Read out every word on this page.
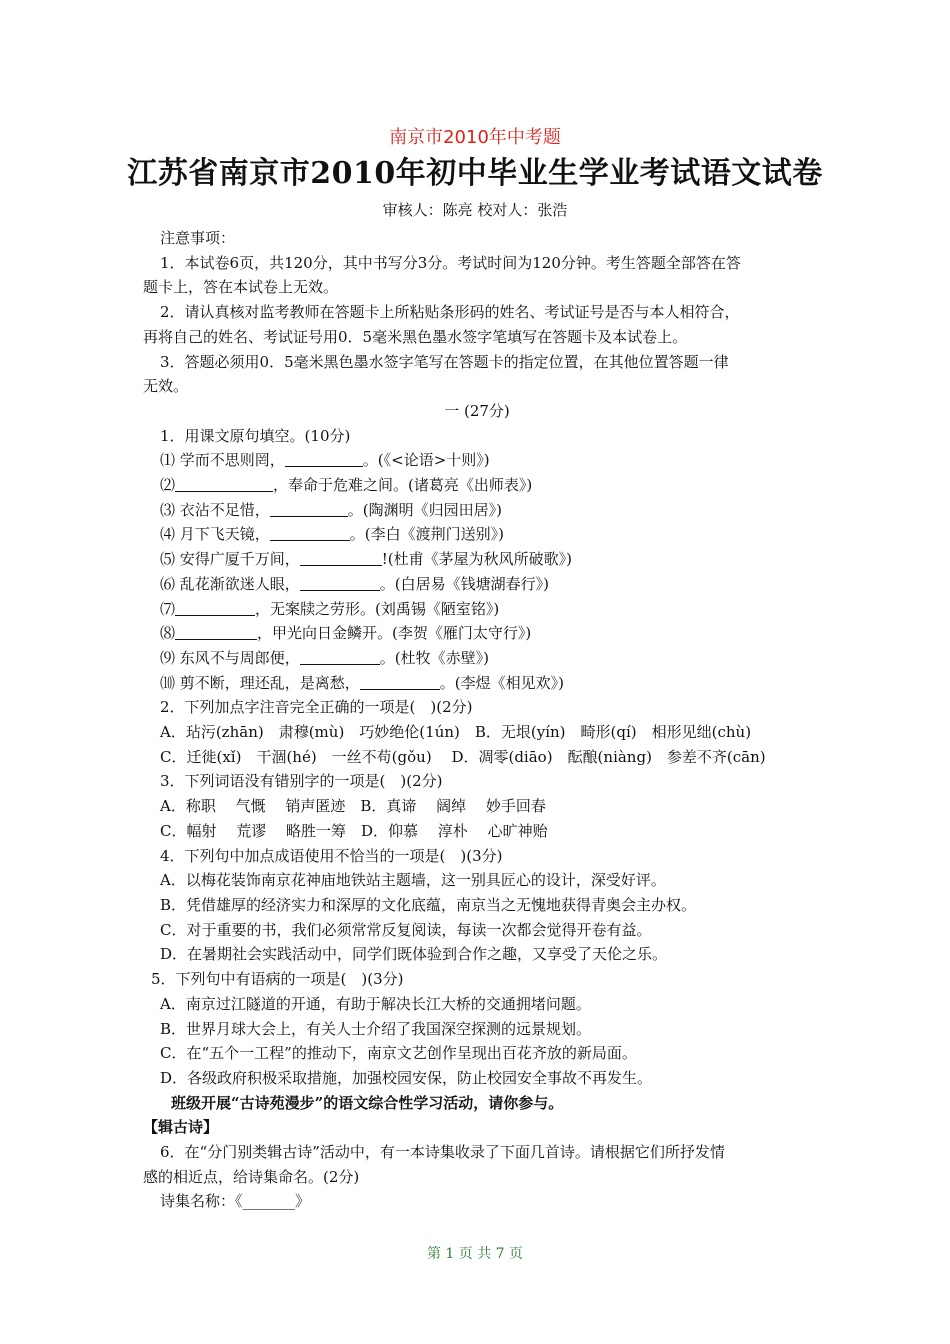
南京市2010年中考题
江苏省南京市2010年初中毕业生学业考试语文试卷
审核人：陈亮 校对人：张浩
注意事项：
1．本试卷6页，共120分，其中书写分3分。考试时间为120分钟。考生答题全部答在答
题卡上，答在本试卷上无效。
2．请认真核对监考教师在答题卡上所粘贴条形码的姓名、考试证号是否与本人相符合，
再将自己的姓名、考试证号用0．5毫米黑色墨水签字笔填写在答题卡及本试卷上。
3．答题必须用0．5毫米黑色墨水签字笔写在答题卡的指定位置，在其他位置答题一律
无效。
一 (27分)
1．用课文原句填空。(10分)
⑴ 学而不思则罔，	。(《<论语>十则》)
⑵	，奉命于危难之间。(诸葛亮《出师表》)
⑶ 衣沾不足惜，	。(陶渊明《归园田居》)
⑷ 月下飞天镜，	。(李白《渡荆门送别》)
⑸ 安得广厦千万间，	!(杜甫《茅屋为秋风所破歌》)
⑹ 乱花渐欲迷人眼，	。(白居易《钱塘湖春行》)
⑺	，无案牍之劳形。(刘禹锡《陋室铭》)
⑻	，甲光向日金鳞开。(李贺《雁门太守行》)
⑼ 东风不与周郎便，	。(杜牧《赤壁》)
⑽ 剪不断，理还乱，是离愁，	。(李煜《相见欢》)
2．下列加点字注音完全正确的一项是(　)(2分)
A．玷污(zhān)　肃穆(mù)　巧妙绝伦(1ún)　B．无垠(yín)　畸形(qí)　相形见绌(chù)
C．迁徙(xǐ)　干涸(hé)　一丝不苟(gǒu)　 D．凋零(diāo)　酝酿(niàng)　参差不齐(cān)
3．下列词语没有错别字的一项是(　)(2分)
A．称职　 气慨　 销声匿迹　B．真谛　 阔绰　 妙手回春
C．幅射　 荒谬　 略胜一筹　D．仰慕　 淳朴　 心旷神贻
4．下列句中加点成语使用不恰当的一项是(　)(3分)
A．以梅花装饰南京花神庙地铁站主题墙，这一别具匠心的设计，深受好评。
B．凭借雄厚的经济实力和深厚的文化底蕴，南京当之无愧地获得青奥会主办权。
C．对于重要的书，我们必须常常反复阅读，每读一次都会觉得开卷有益。
D．在暑期社会实践活动中，同学们既体验到合作之趣，又享受了天伦之乐。
5．下列句中有语病的一项是(　)(3分)
A．南京过江隧道的开通，有助于解决长江大桥的交通拥堵问题。
B．世界月球大会上，有关人士介绍了我国深空探测的远景规划。
C．在“五个一工程”的推动下，南京文艺创作呈现出百花齐放的新局面。
D．各级政府积极采取措施，加强校园安保，防止校园安全事故不再发生。
班级开展“古诗苑漫步”的语文综合性学习活动，请你参与。
【辑古诗】
6．在“分门别类辑古诗”活动中，有一本诗集收录了下面几首诗。请根据它们所抒发情
感的相近点，给诗集命名。(2分)
诗集名称：《_______》
第 1 页 共 7 页
